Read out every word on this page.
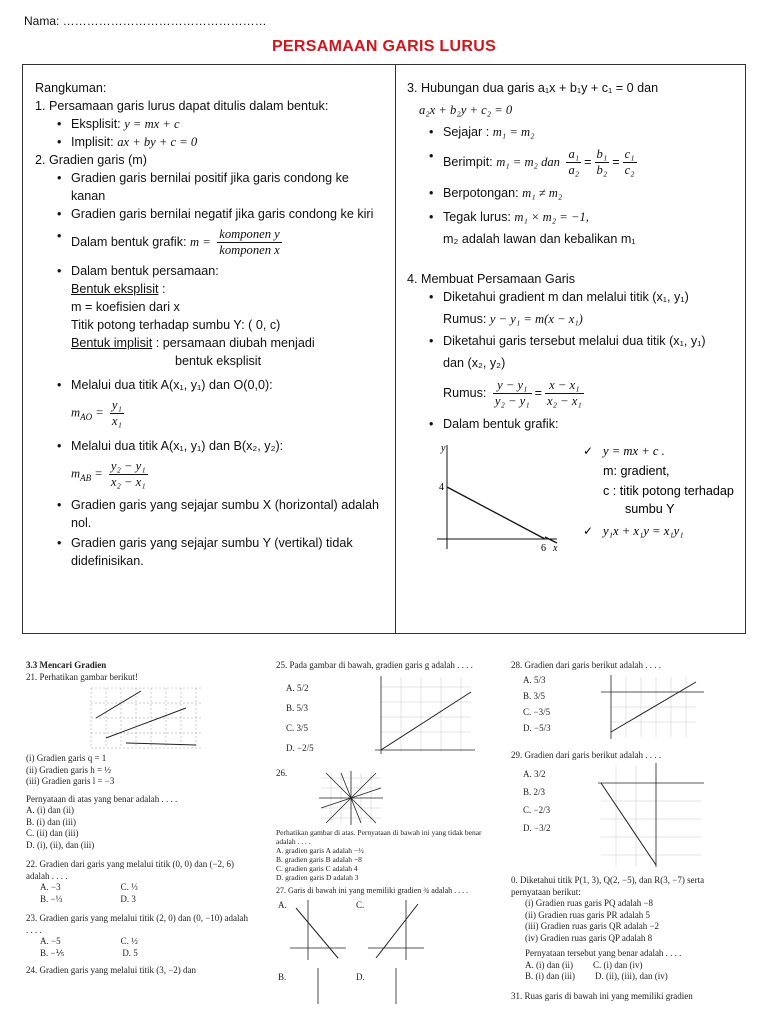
Nama: ……………………………………………
PERSAMAAN GARIS LURUS
Rangkuman:
1. Persamaan garis lurus dapat ditulis dalam bentuk:
• Eksplisit: y = mx + c
• Implisit: ax + by + c = 0
2. Gradien garis (m)
• Gradien garis bernilai positif jika garis condong ke kanan
• Gradien garis bernilai negatif jika garis condong ke kiri
• Dalam bentuk grafik: $m = \frac{\text{komponen y}}{\text{komponen x}}$
• Dalam bentuk persamaan:
Bentuk eksplisit :
m = koefisien dari x
Titik potong terhadap sumbu Y: ( 0, c)
Bentuk implisit : persamaan diubah menjadi
bentuk eksplisit
• Melalui dua titik A(x₁, y₁) dan O(0,0):
$m_{AO} = \frac{\text{y₁}}{\text{x₁}}$
• Melalui dua titik A(x₁, y₁) dan B(x₂, y₂):
$m_{AB} = \frac{\text{y₂ − y₁}}{\text{x₂ − x₁}}$
• Gradien garis yang sejajar sumbu X (horizontal) adalah nol.
• Gradien garis yang sejajar sumbu Y (vertikal) tidak didefinisikan.
3. Hubungan dua garis a₁x + b₁y + c₁ = 0 dan
a₂x + b₂y + c₂ = 0
• Sejajar : m₁ = m₂
• Berimpit: m₁ = m₂ dan $\frac{\text{a₁}}{\text{a₂}} = \frac{\text{b₁}}{\text{b₂}} = \frac{\text{c₁}}{\text{c₂}}$
• Berpotongan: m₁ ≠ m₂
• Tegak lurus: m₁ × m₂ = −1,
m₂ adalah lawan dan kebalikan m₁
4. Membuat Persamaan Garis
• Diketahui gradient m dan melalui titik (x₁, y₁)
Rumus: y − y₁ = m(x − x₁)
• Diketahui garis tersebut melalui dua titik (x₁, y₁)
dan (x₂, y₂)
Rumus: $\frac{\text{y − y₁}}{\text{y₂ − y₁}} = \frac{\text{x − x₁}}{\text{x₂ − x₁}}$
• Dalam bentuk grafik:
y
x
4
6
✓ y = mx + c .
m: gradient,
c : titik potong terhadap
sumbu Y
✓ y₁x + x₁y = x₁y₁
3.3 Mencari Gradien
21. Perhatikan gambar berikut!
(i) Gradien garis q = 1
(ii) Gradien garis h = ½
(iii) Gradien garis l = −3
Pernyataan di atas yang benar adalah . . . .
A. (i) dan (ii)
B. (i) dan (iii)
C. (ii) dan (iii)
D. (i), (ii), dan (iii)
22. Gradien dari garis yang melalui titik (0, 0) dan (−2, 6) adalah . . . .
A. −3	C. ⅓
B. −⅓	D. 3
23. Gradien garis yang melalui titik (2, 0) dan (0, −10) adalah . . . .
A. −5	C. ½
B. −⅕	D. 5
24. Gradien garis yang melalui titik (3, −2) dan
25. Pada gambar di bawah, gradien garis g adalah . . . .
A. 5/2
B. 5/3
C. 3/5
D. −2/5
26.
Perhatikan gambar di atas. Pernyataan di bawah ini yang tidak benar adalah . . . .
A. gradien garis A adalah −½
B. gradien garis B adalah −8
C. gradien garis C adalah 4
D. gradien garis D adalah 3
27. Garis di bawah ini yang memiliki gradien ¾ adalah . . . .
A.	C.
B.	D.
28. Gradien dari garis berikut adalah . . . .
A. 5/3
B. 3/5
C. −3/5
D. −5/3
29. Gradien dari garis berikut adalah . . . .
A. 3/2
B. 2/3
C. −2/3
D. −3/2
0. Diketahui titik P(1, 3), Q(2, −5), dan R(3, −7) serta pernyataan berikut:
(i) Gradien ruas garis PQ adalah −8
(ii) Gradien ruas garis PR adalah 5
(iii) Gradien ruas garis QR adalah −2
(iv) Gradien ruas garis QP adalah 8
Pernyataan tersebut yang benar adalah . . . .
A. (i) dan (ii) C. (i) dan (iv)
B. (i) dan (iii) D. (ii), (iii), dan (iv)
31. Ruas garis di bawah ini yang memiliki gradien
